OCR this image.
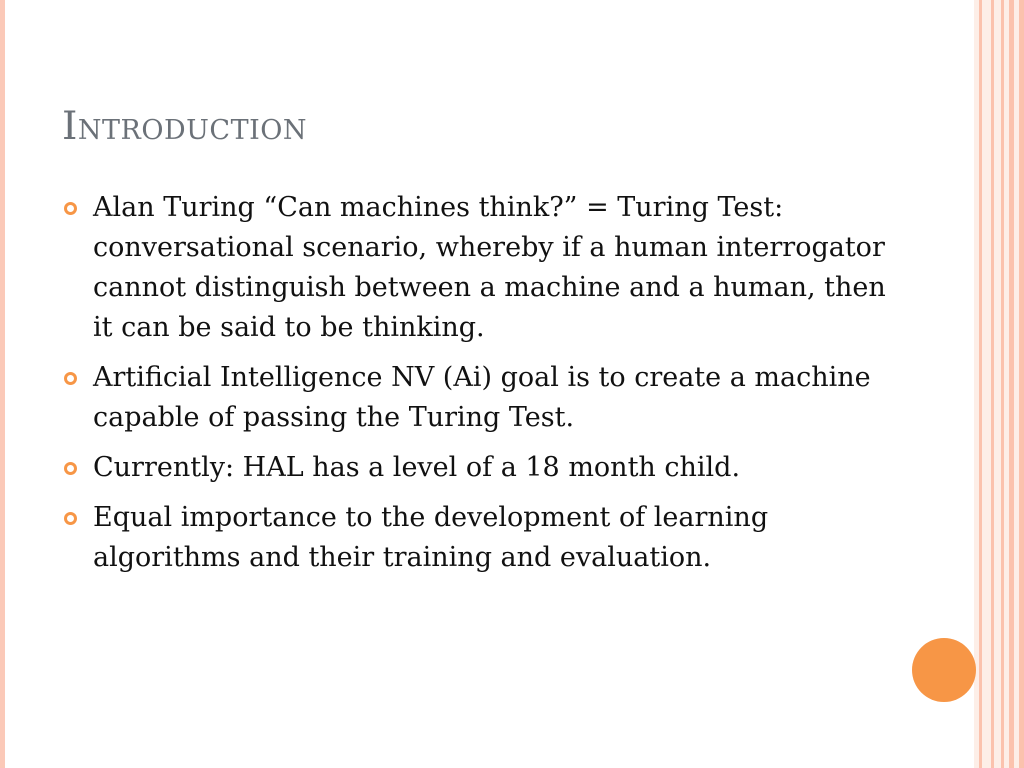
Introduction
Alan Turing “Can machines think?” = Turing Test: conversational scenario, whereby if a human interrogator cannot distinguish between a machine and a human, then it can be said to be thinking.
Artificial Intelligence NV (Ai) goal is to create a machine capable of passing the Turing Test.
Currently: HAL has a level of a 18 month child.
Equal importance to the development of learning algorithms and their training and evaluation.
